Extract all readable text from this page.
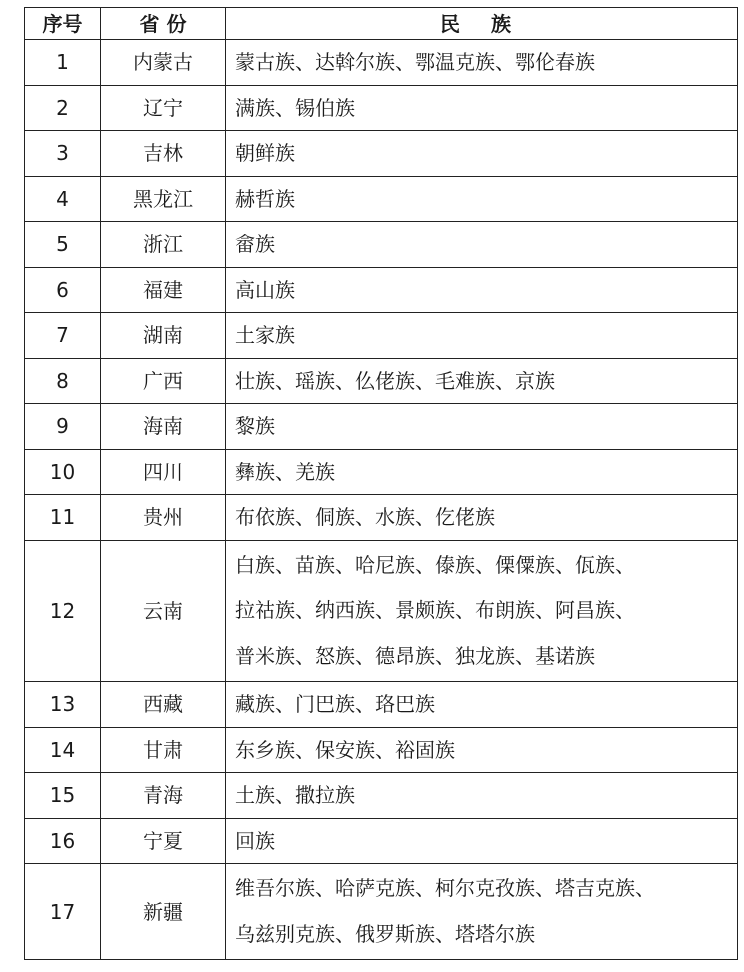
序号	省 份	民 族
1	内蒙古	蒙古族、达斡尔族、鄂温克族、鄂伦春族

2	辽宁	满族、锡伯族

3	吉林	朝鲜族

4	黑龙江	赫哲族

5	浙江	畲族

6	福建	高山族

7	湖南	土家族

8	广西	壮族、瑶族、仫佬族、毛难族、京族

9	海南	黎族

10	四川	彝族、羌族

11	贵州	布依族、侗族、水族、仡佬族

12	云南	白族、苗族、哈尼族、傣族、傈僳族、佤族、
拉祜族、纳西族、景颇族、布朗族、阿昌族、
普米族、怒族、德昂族、独龙族、基诺族

13	西藏	藏族、门巴族、珞巴族

14	甘肃	东乡族、保安族、裕固族

15	青海	土族、撒拉族

16	宁夏	回族

17	新疆	维吾尔族、哈萨克族、柯尔克孜族、塔吉克族、
乌兹别克族、俄罗斯族、塔塔尔族
